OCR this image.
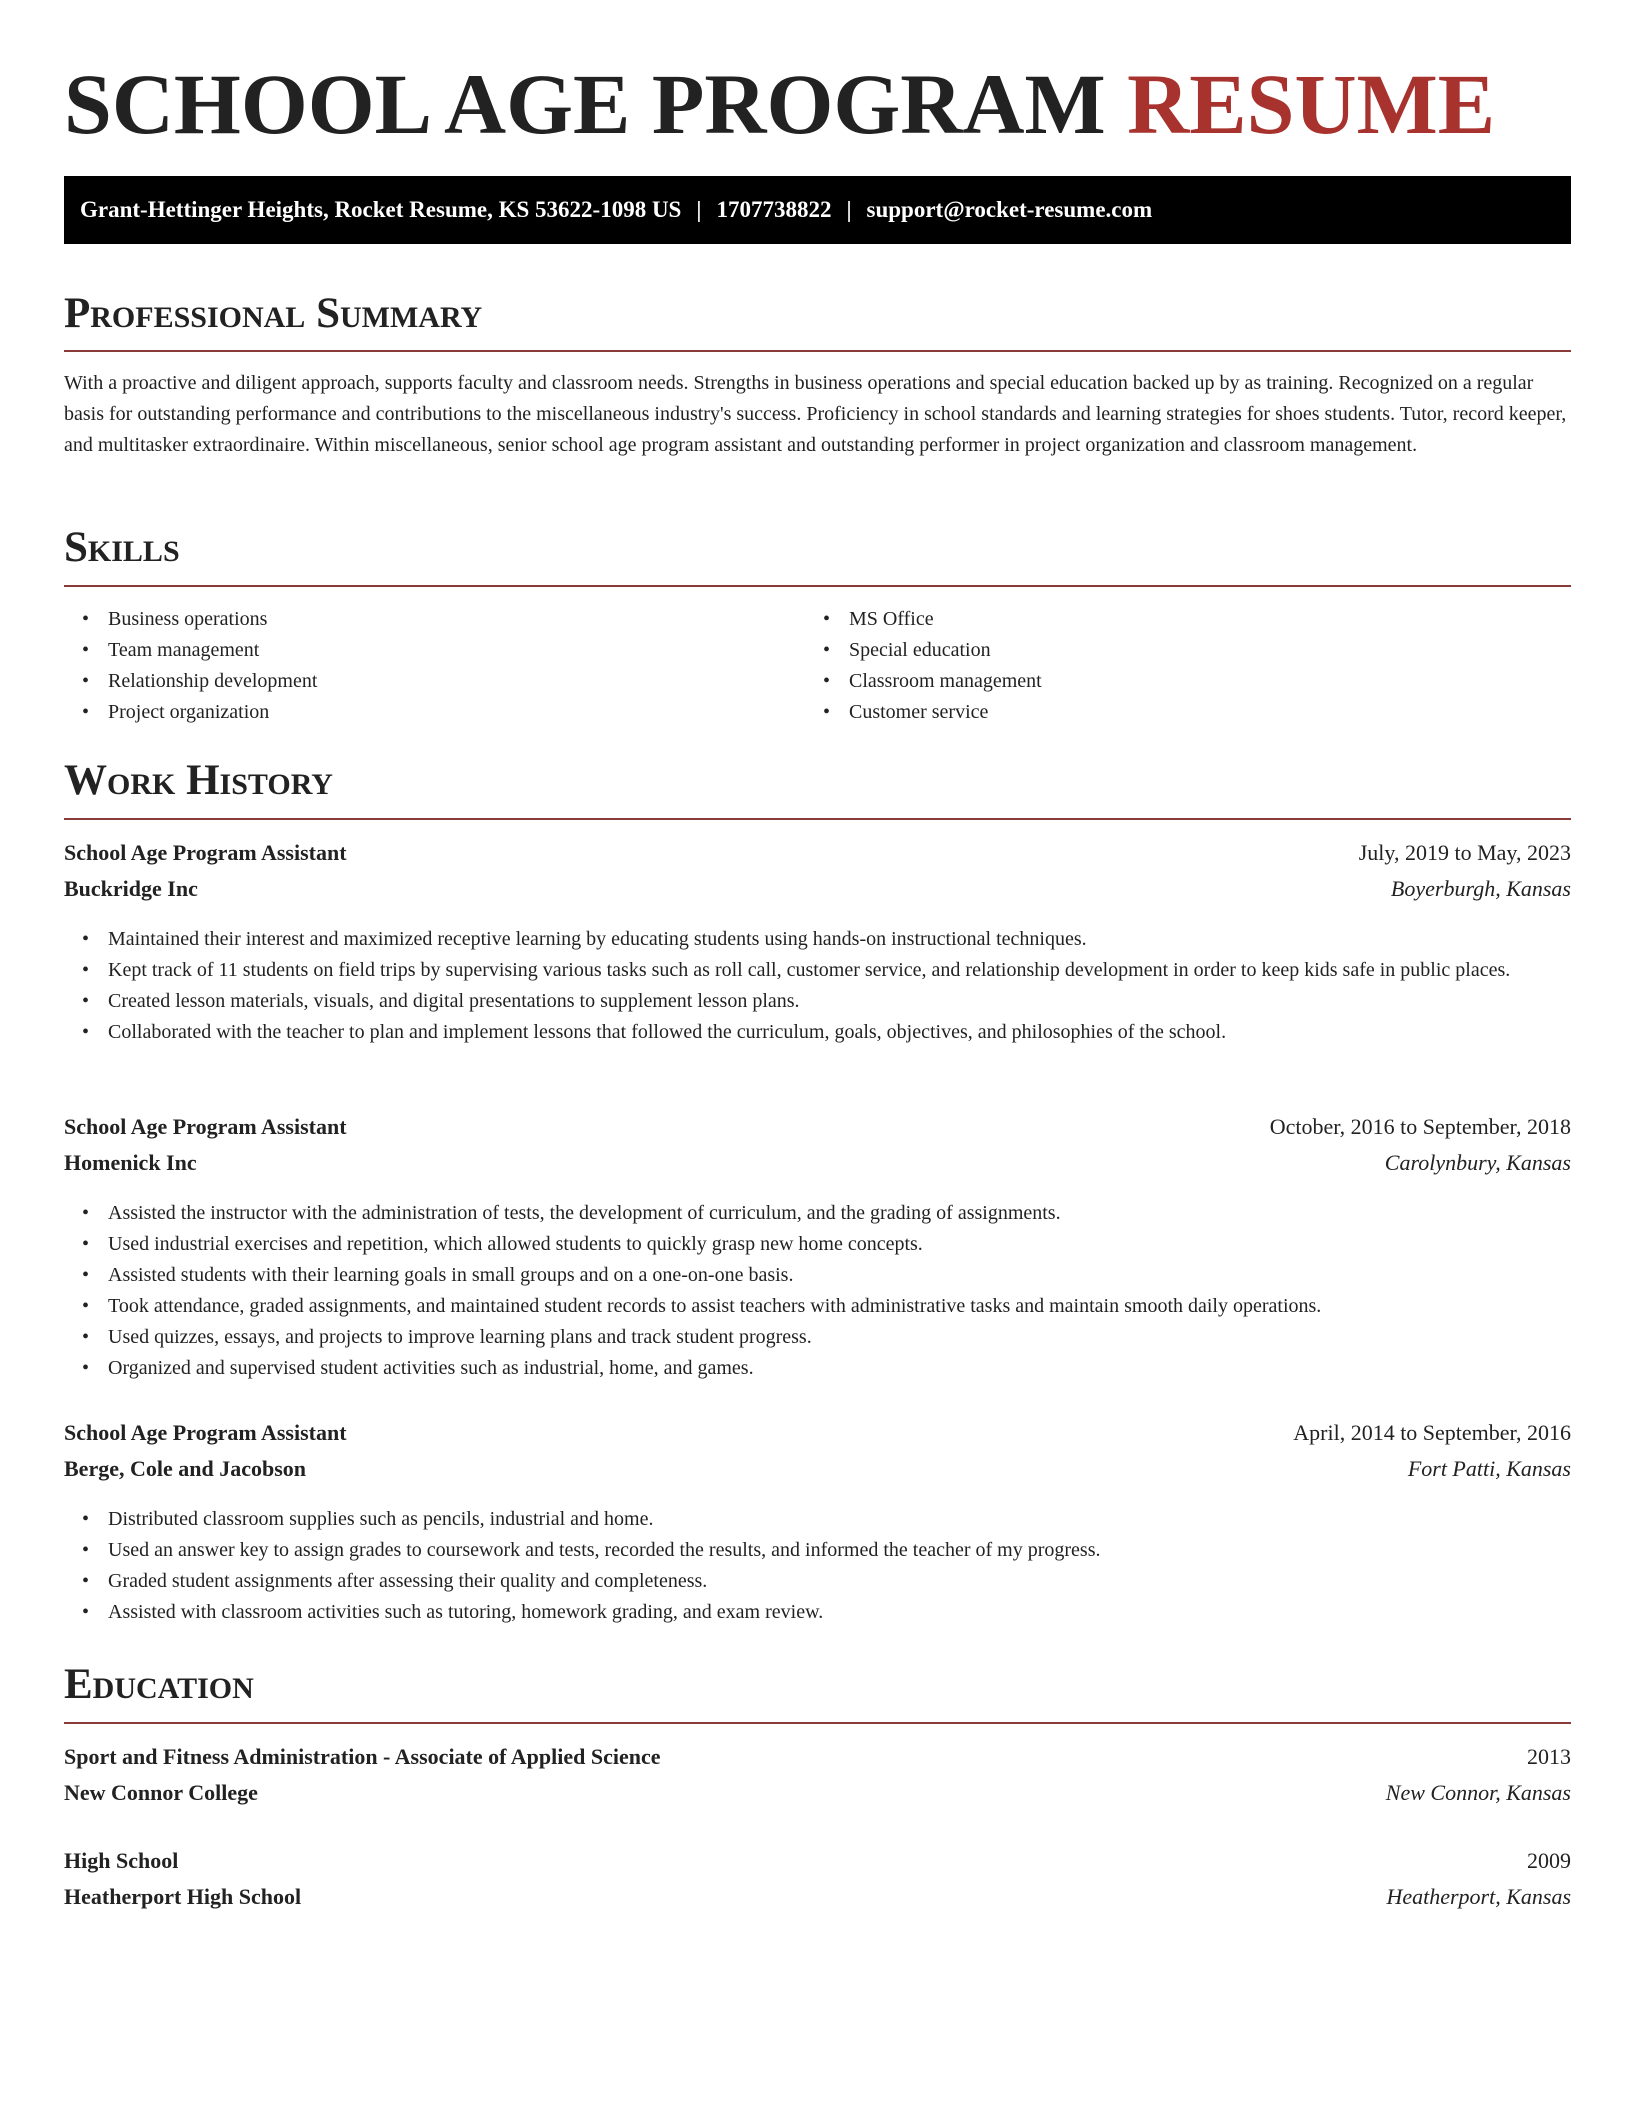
SCHOOL AGE PROGRAM RESUME
Grant-Hettinger Heights, Rocket Resume, KS 53622-1098 US | 1707738822 | support@rocket-resume.com
Professional Summary

With a proactive and diligent approach, supports faculty and classroom needs. Strengths in business operations and special education backed up by as training. Recognized on a regular basis for outstanding performance and contributions to the miscellaneous industry's success. Proficiency in school standards and learning strategies for shoes students. Tutor, record keeper, and multitasker extraordinaire. Within miscellaneous, senior school age program assistant and outstanding performer in project organization and classroom management.

Skills
• Business operations
• Team management
• Relationship development
• Project organization
• MS Office
• Special education
• Classroom management
• Customer service
Work History
School Age Program Assistant	July, 2019 to May, 2023
Buckridge Inc	Boyerburgh, Kansas
• Maintained their interest and maximized receptive learning by educating students using hands-on instructional techniques.
• Kept track of 11 students on field trips by supervising various tasks such as roll call, customer service, and relationship development in order to keep kids safe in public places.
• Created lesson materials, visuals, and digital presentations to supplement lesson plans.
• Collaborated with the teacher to plan and implement lessons that followed the curriculum, goals, objectives, and philosophies of the school.
School Age Program Assistant	October, 2016 to September, 2018
Homenick Inc	Carolynbury, Kansas
• Assisted the instructor with the administration of tests, the development of curriculum, and the grading of assignments.
• Used industrial exercises and repetition, which allowed students to quickly grasp new home concepts.
• Assisted students with their learning goals in small groups and on a one-on-one basis.
• Took attendance, graded assignments, and maintained student records to assist teachers with administrative tasks and maintain smooth daily operations.
• Used quizzes, essays, and projects to improve learning plans and track student progress.
• Organized and supervised student activities such as industrial, home, and games.
School Age Program Assistant	April, 2014 to September, 2016
Berge, Cole and Jacobson	Fort Patti, Kansas
• Distributed classroom supplies such as pencils, industrial and home.
• Used an answer key to assign grades to coursework and tests, recorded the results, and informed the teacher of my progress.
• Graded student assignments after assessing their quality and completeness.
• Assisted with classroom activities such as tutoring, homework grading, and exam review.
Education
Sport and Fitness Administration - Associate of Applied Science	2013
New Connor College	New Connor, Kansas
High School	2009
Heatherport High School	Heatherport, Kansas
